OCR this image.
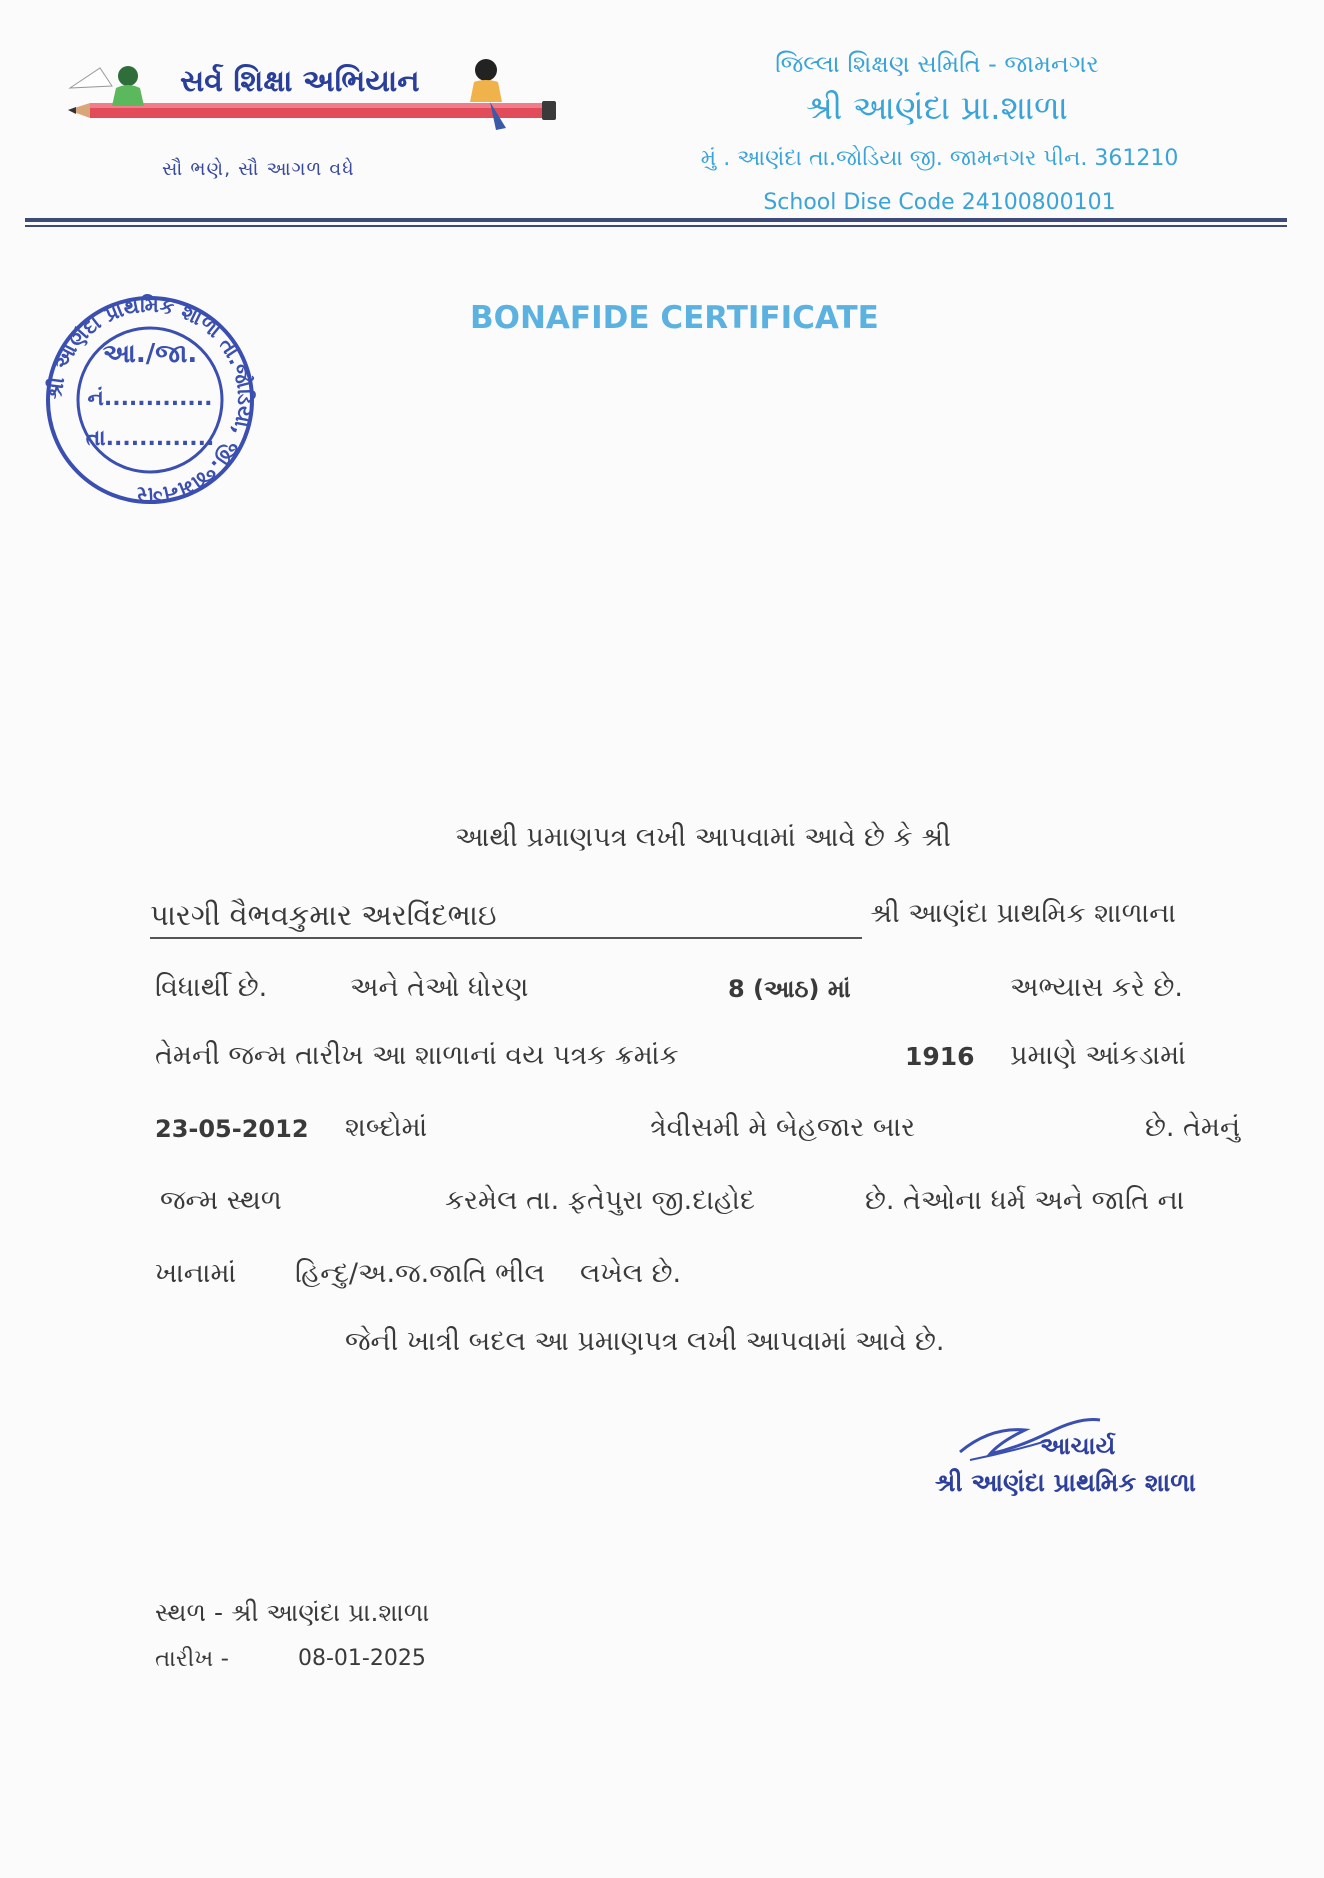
સર્વ શિક્ષા અભિયાન
સૌ ભણે, સૌ આગળ વધે
જિલ્લા શિક્ષણ સમિતિ - જામનગર
શ્રી આણંદા પ્રા.શાળા
મું . આણંદા તા.જોડિયા જી. જામનગર પીન. 361210
School Dise Code 24100800101
શ્રી આણંદા પ્રાથમિક શાળા તા.જોડિયા, જી.જામનગર
આ./જા.
નં.............
તા.............
BONAFIDE CERTIFICATE
આથી પ્રમાણપત્ર લખી આપવામાં આવે છે કે શ્રી
પારગી વૈભવકુમાર અરવિંદભાઇ	શ્રી આણંદા પ્રાથમિક શાળાના
વિધાર્થી છે.	અને તેઓ ધોરણ	8 (આઠ) માં	અભ્યાસ કરે છે.
તેમની જન્મ તારીખ આ શાળાનાં વય પત્રક ક્રમાંક	1916 પ્રમાણે આંકડામાં
23-05-2012 શબ્દોમાં	ત્રેવીસમી મે બેહજાર બાર	છે. તેમનું
જન્મ સ્થળ	કરમેલ તા. ફતેપુરા જી.દાહોદ	છે. તેઓના ધર્મ અને જાતિ ના
ખાનામાં હિન્દુ/અ.જ.જાતિ ભીલ લખેલ છે.
જેની ખાત્રી બદલ આ પ્રમાણપત્ર લખી આપવામાં આવે છે.
આચાર્ય
શ્રી આણંદા પ્રાથમિક શાળા
સ્થળ - શ્રી આણંદા પ્રા.શાળા
તારીખ -	08-01-2025
